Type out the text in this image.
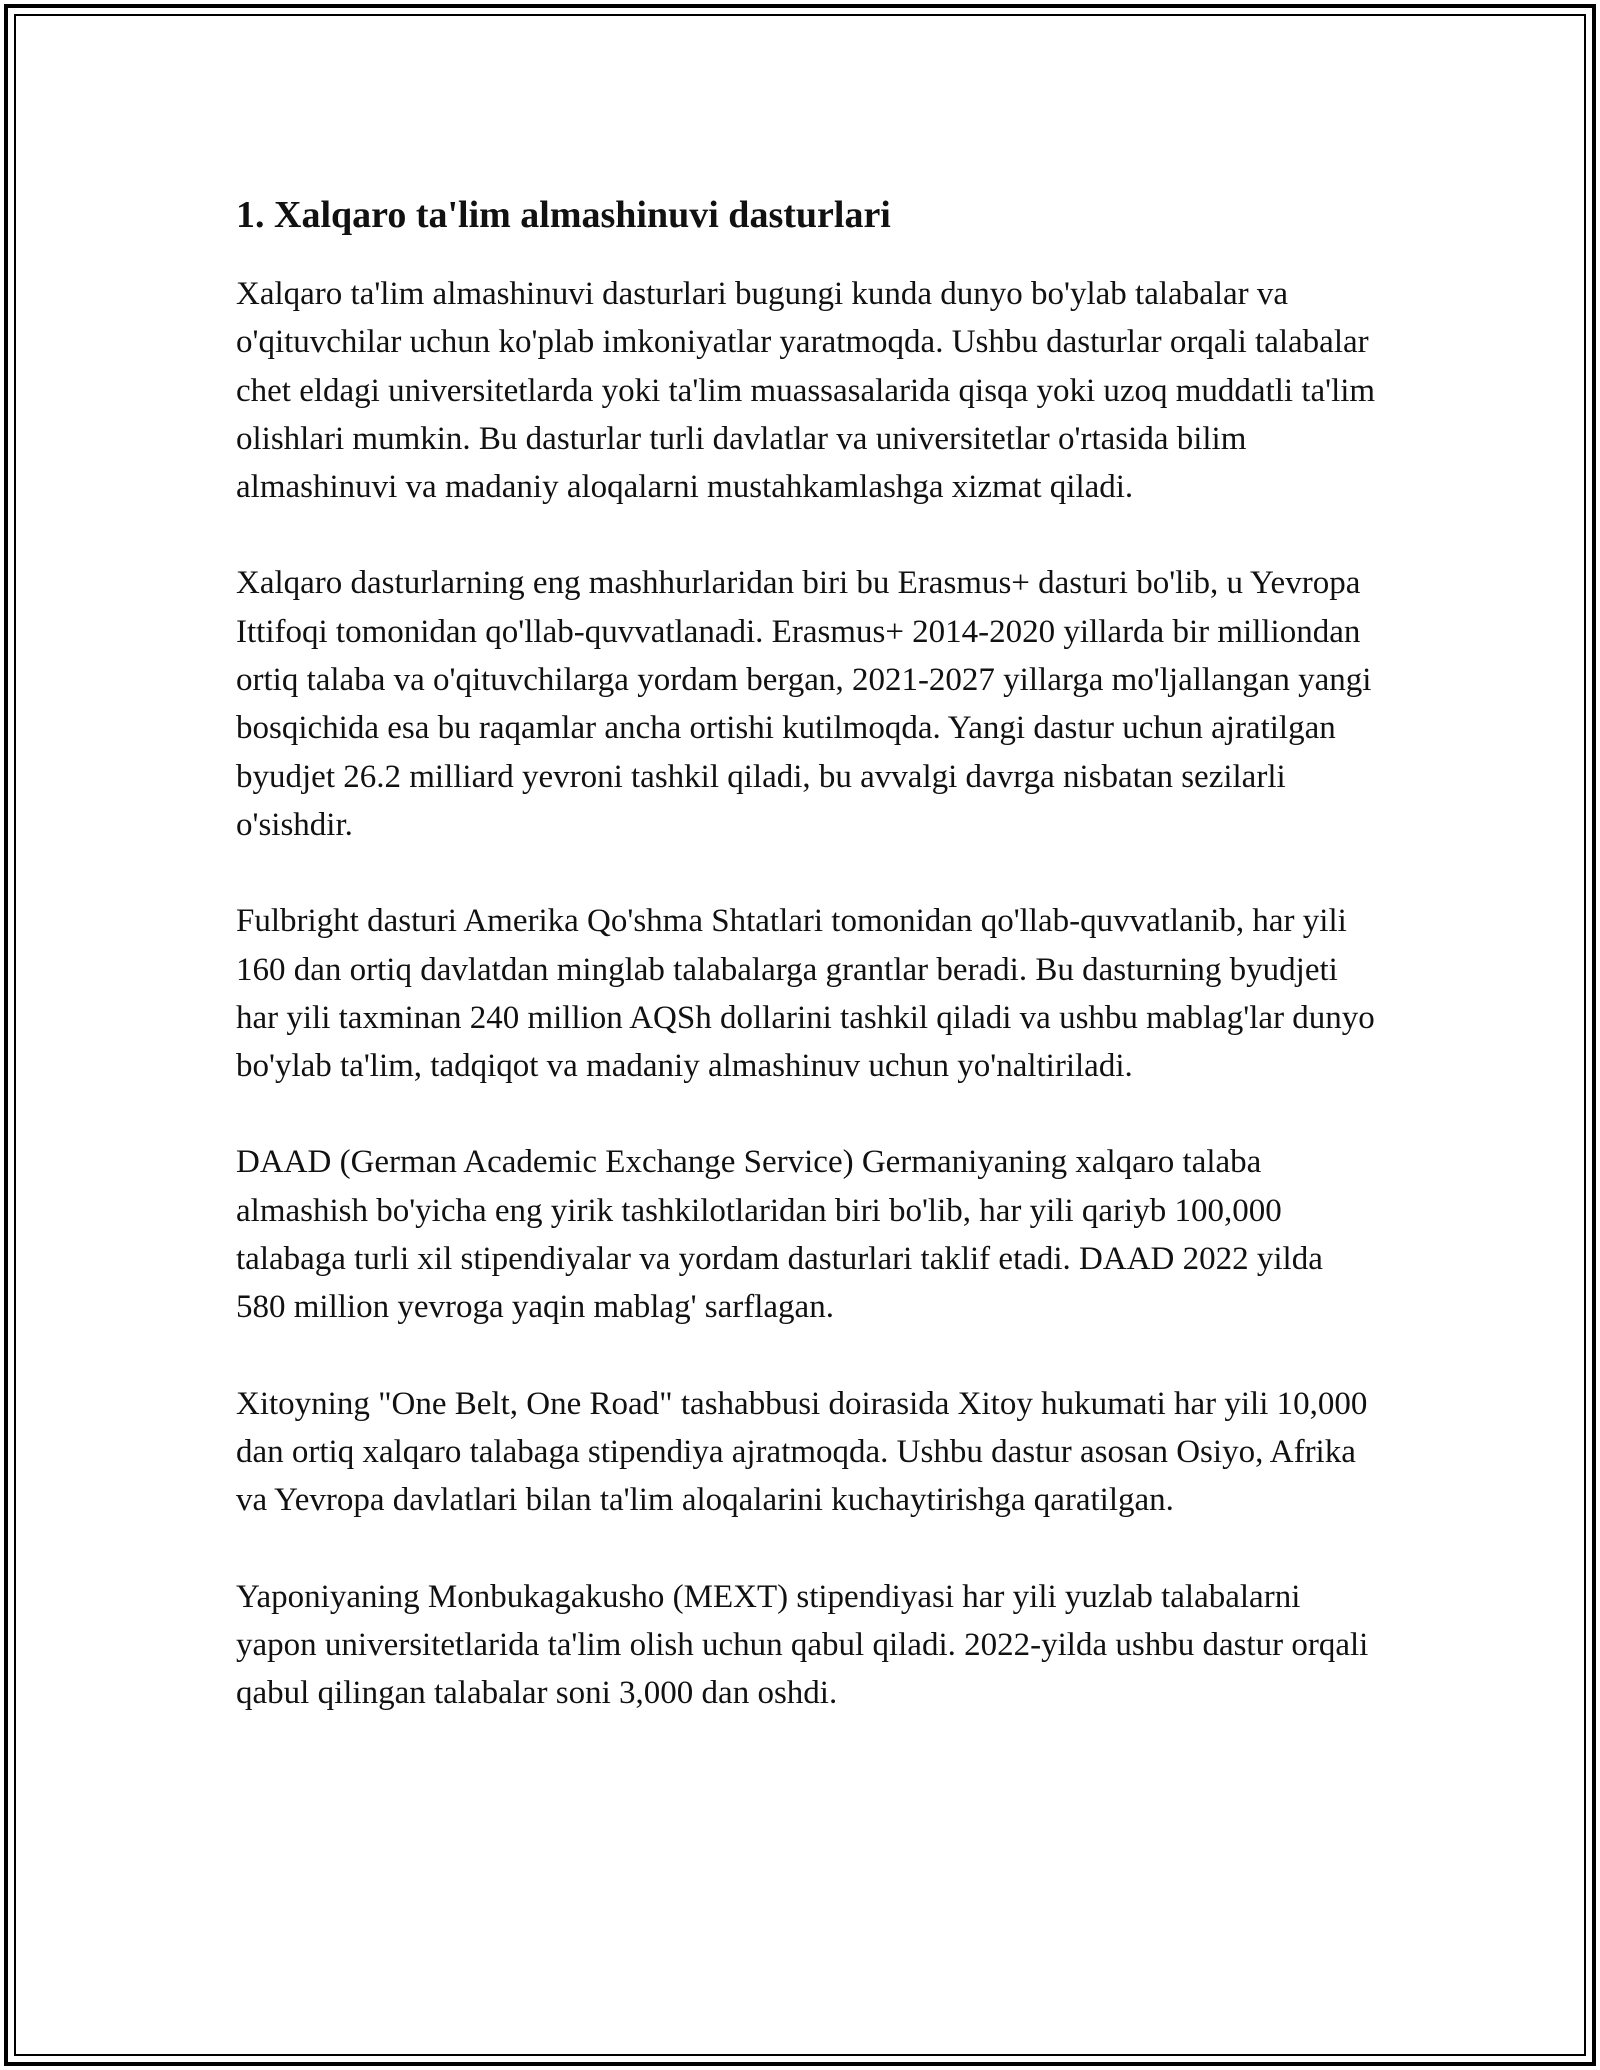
1. Xalqaro ta'lim almashinuvi dasturlari

Xalqaro ta'lim almashinuvi dasturlari bugungi kunda dunyo bo'ylab talabalar va o'qituvchilar uchun ko'plab imkoniyatlar yaratmoqda. Ushbu dasturlar orqali talabalar chet eldagi universitetlarda yoki ta'lim muassasalarida qisqa yoki uzoq muddatli ta'lim olishlari mumkin. Bu dasturlar turli davlatlar va universitetlar o'rtasida bilim almashinuvi va madaniy aloqalarni mustahkamlashga xizmat qiladi.

Xalqaro dasturlarning eng mashhurlaridan biri bu Erasmus+ dasturi bo'lib, u Yevropa Ittifoqi tomonidan qo'llab-quvvatlanadi. Erasmus+ 2014-2020 yillarda bir milliondan ortiq talaba va o'qituvchilarga yordam bergan, 2021-2027 yillarga mo'ljallangan yangi bosqichida esa bu raqamlar ancha ortishi kutilmoqda. Yangi dastur uchun ajratilgan byudjet 26.2 milliard yevroni tashkil qiladi, bu avvalgi davrga nisbatan sezilarli o'sishdir.

Fulbright dasturi Amerika Qo'shma Shtatlari tomonidan qo'llab-quvvatlanib, har yili 160 dan ortiq davlatdan minglab talabalarga grantlar beradi. Bu dasturning byudjeti har yili taxminan 240 million AQSh dollarini tashkil qiladi va ushbu mablag'lar dunyo bo'ylab ta'lim, tadqiqot va madaniy almashinuv uchun yo'naltiriladi.

DAAD (German Academic Exchange Service) Germaniyaning xalqaro talaba almashish bo'yicha eng yirik tashkilotlaridan biri bo'lib, har yili qariyb 100,000 talabaga turli xil stipendiyalar va yordam dasturlari taklif etadi. DAAD 2022 yilda 580 million yevroga yaqin mablag' sarflagan.

Xitoyning "One Belt, One Road" tashabbusi doirasida Xitoy hukumati har yili 10,000 dan ortiq xalqaro talabaga stipendiya ajratmoqda. Ushbu dastur asosan Osiyo, Afrika va Yevropa davlatlari bilan ta'lim aloqalarini kuchaytirishga qaratilgan.

Yaponiyaning Monbukagakusho (MEXT) stipendiyasi har yili yuzlab talabalarni yapon universitetlarida ta'lim olish uchun qabul qiladi. 2022-yilda ushbu dastur orqali qabul qilingan talabalar soni 3,000 dan oshdi.
